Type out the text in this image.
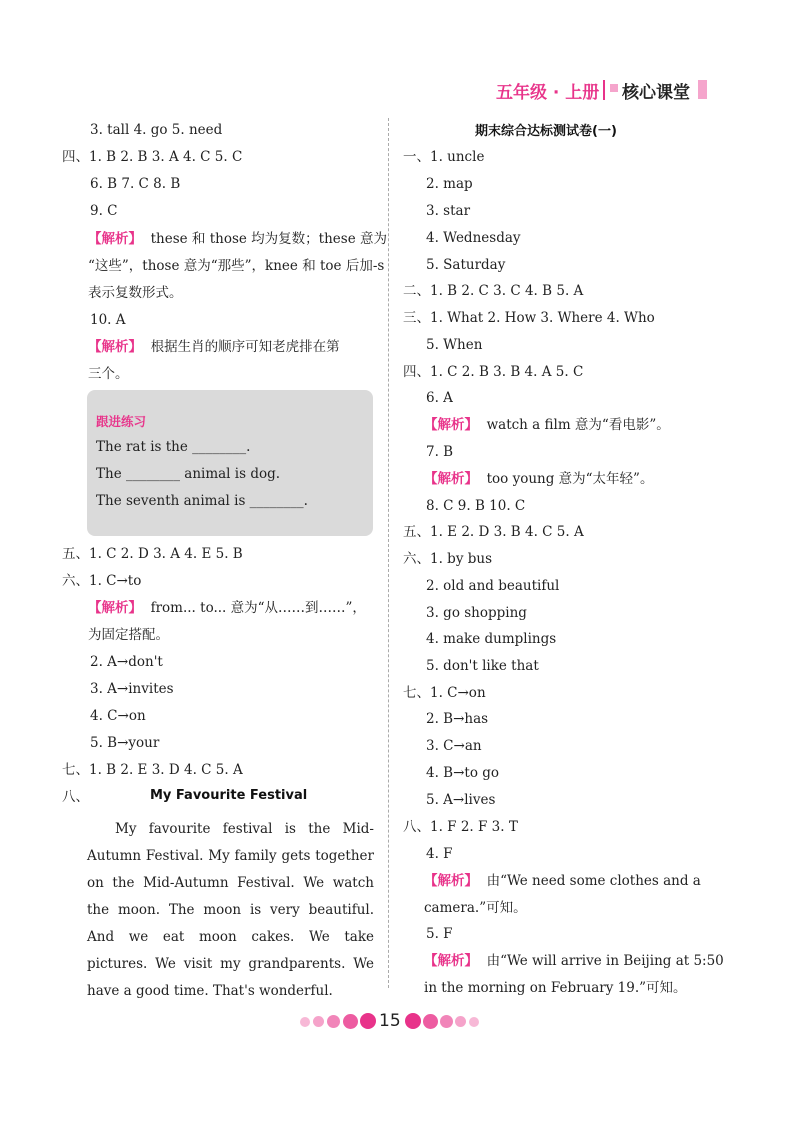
五年级 · 上册 核心课堂
3. tall 4. go 5. need
四、1. B 2. B 3. A 4. C 5. C
6. B 7. C 8. B
9. C
【解析】 these 和 those 均为复数；these 意为
“这些”，those 意为“那些”，knee 和 toe 后加-s
表示复数形式。
10. A
【解析】 根据生肖的顺序可知老虎排在第
三个。
跟进练习
The rat is the ________.
The ________ animal is dog.
The seventh animal is ________.
五、1. C 2. D 3. A 4. E 5. B
六、1. C→to
【解析】 from... to... 意为“从……到……”，
为固定搭配。
2. A→don't
3. A→invites
4. C→on
5. B→your
七、1. B 2. E 3. D 4. C 5. A
八、	My Favourite Festival
My favourite festival is the Mid-Autumn Festival. My family gets together on the Mid-Autumn Festival. We watch the moon. The moon is very beautiful. And we eat moon cakes. We take pictures. We visit my grandparents. We have a good time. That's wonderful.
期末综合达标测试卷(一)
一、1. uncle
2. map
3. star
4. Wednesday
5. Saturday
二、1. B 2. C 3. C 4. B 5. A
三、1. What 2. How 3. Where 4. Who
5. When
四、1. C 2. B 3. B 4. A 5. C
6. A
【解析】 watch a film 意为“看电影”。
7. B
【解析】 too young 意为“太年轻”。
8. C 9. B 10. C
五、1. E 2. D 3. B 4. C 5. A
六、1. by bus
2. old and beautiful
3. go shopping
4. make dumplings
5. don't like that
七、1. C→on
2. B→has
3. C→an
4. B→to go
5. A→lives
八、1. F 2. F 3. T
4. F
【解析】 由“We need some clothes and a
camera.”可知。
5. F
【解析】 由“We will arrive in Beijing at 5:50
in the morning on February 19.”可知。
15
